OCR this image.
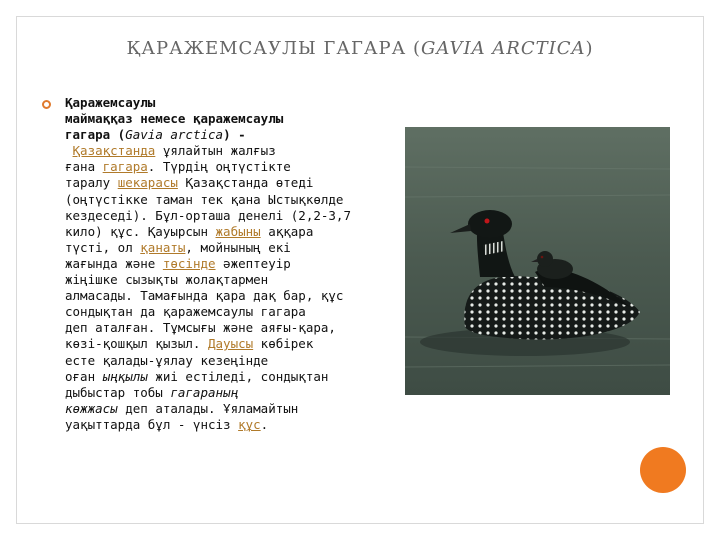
ҚАРАЖЕМСАУЛЫ ГАГАРА (GAVIA ARCTICA)
Қаражемсаулы
маймаққаз немесе қаражемсаулы
гагара (Gavia arctica) -
Қазақстанда ұялайтын жалғыз
ғана гагара. Түрдің оңтүстікте
таралу шекарасы Қазақстанда өтеді
(оңтүстікке таман тек қана Ыстықкөлде
кездеседі). Бұл-орташа денелі (2,2-3,7
кило) құс. Қауырсын жабыны аққара
түсті, ол қанаты, мойнының екі
жағында және төсінде әжептеуір
жіңішке сызықты жолақтармен
алмасады. Тамағында қара дақ бар, құс
сондықтан да қаражемсаулы гагара
деп аталған. Тұмсығы және аяғы-қара,
көзі-қошқыл қызыл. Дауысы көбірек
есте қалады-ұялау кезеңінде
оған ыңқылы жиі естіледі, сондықтан
дыбыстар тобы гагараның
көжжасы деп аталады. Ұяламайтын
уақыттарда бұл - үнсіз құс.
